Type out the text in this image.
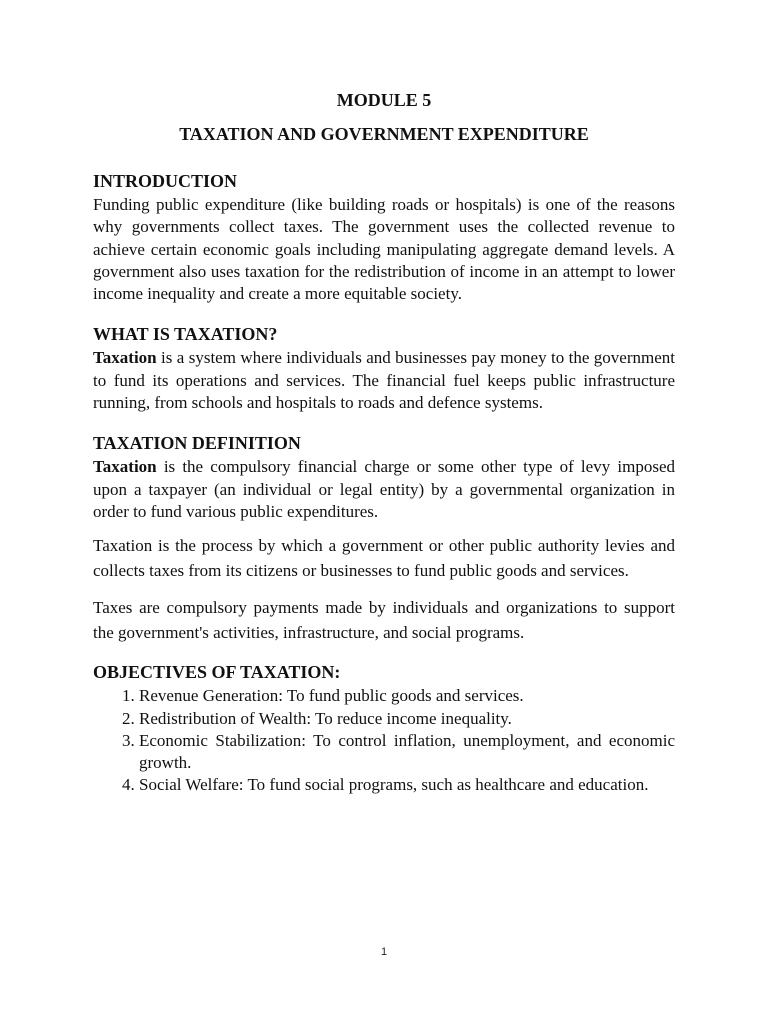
MODULE 5
TAXATION AND GOVERNMENT EXPENDITURE
INTRODUCTION

Funding public expenditure (like building roads or hospitals) is one of the reasons why governments collect taxes. The government uses the collected revenue to achieve certain economic goals including manipulating aggregate demand levels. A government also uses taxation for the redistribution of income in an attempt to lower income inequality and create a more equitable society.

WHAT IS TAXATION?

Taxation is a system where individuals and businesses pay money to the government to fund its operations and services. The financial fuel keeps public infrastructure running, from schools and hospitals to roads and defence systems.

TAXATION DEFINITION

Taxation is the compulsory financial charge or some other type of levy imposed upon a taxpayer (an individual or legal entity) by a governmental organization in order to fund various public expenditures.

Taxation is the process by which a government or other public authority levies and collects taxes from its citizens or businesses to fund public goods and services.

Taxes are compulsory payments made by individuals and organizations to support the government's activities, infrastructure, and social programs.

OBJECTIVES OF TAXATION:
1. Revenue Generation: To fund public goods and services.
2. Redistribution of Wealth: To reduce income inequality.
3. Economic Stabilization: To control inflation, unemployment, and economic growth.
4. Social Welfare: To fund social programs, such as healthcare and education.
1
